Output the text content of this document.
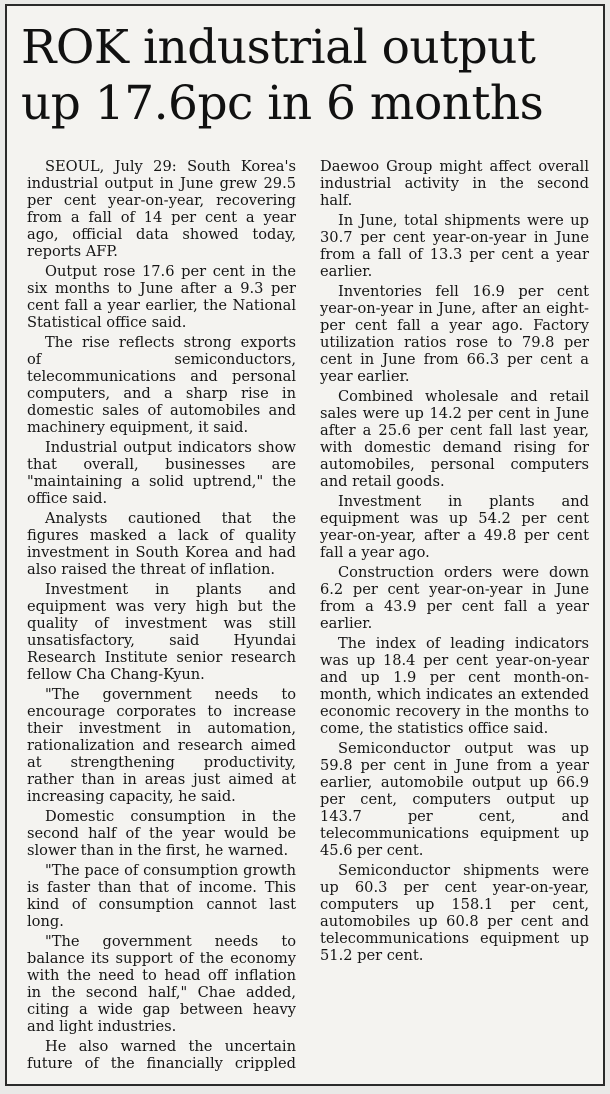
ROK industrial output
up 17.6pc in 6 months

SEOUL, July 29: South Korea's industrial output in June grew 29.5 per cent year-on-year, recovering from a fall of 14 per cent a year ago, official data showed today, reports AFP.

Output rose 17.6 per cent in the six months to June after a 9.3 per cent fall a year earlier, the National Statistical office said.

The rise reflects strong exports of semiconductors, telecommunications and personal computers, and a sharp rise in domestic sales of automobiles and machinery equipment, it said.

Industrial output indicators show that overall, businesses are "maintaining a solid uptrend," the office said.

Analysts cautioned that the figures masked a lack of quality investment in South Korea and had also raised the threat of inflation.

Investment in plants and equipment was very high but the quality of investment was still unsatisfactory, said Hyundai Research Institute senior research fellow Cha Chang-Kyun.

"The government needs to encourage corporates to increase their investment in automation, rationalization and research aimed at strengthening productivity, rather than in areas just aimed at increasing capacity, he said.

Domestic consumption in the second half of the year would be slower than in the first, he warned.

"The pace of consumption growth is faster than that of income. This kind of consumption cannot last long.

"The government needs to balance its support of the economy with the need to head off inflation in the second half," Chae added, citing a wide gap between heavy and light industries.

He also warned the uncertain future of the financially crippled Daewoo Group might affect overall industrial activity in the second half.

In June, total shipments were up 30.7 per cent year-on-year in June from a fall of 13.3 per cent a year earlier.

Inventories fell 16.9 per cent year-on-year in June, after an eight-per cent fall a year ago. Factory utilization ratios rose to 79.8 per cent in June from 66.3 per cent a year earlier.

Combined wholesale and retail sales were up 14.2 per cent in June after a 25.6 per cent fall last year, with domestic demand rising for automobiles, personal computers and retail goods.

Investment in plants and equipment was up 54.2 per cent year-on-year, after a 49.8 per cent fall a year ago.

Construction orders were down 6.2 per cent year-on-year in June from a 43.9 per cent fall a year earlier.

The index of leading indicators was up 18.4 per cent year-on-year and up 1.9 per cent month-on-month, which indicates an extended economic recovery in the months to come, the statistics office said.

Semiconductor output was up 59.8 per cent in June from a year earlier, automobile output up 66.9 per cent, computers output up 143.7 per cent, and telecommunications equipment up 45.6 per cent.

Semiconductor shipments were up 60.3 per cent year-on-year, computers up 158.1 per cent, automobiles up 60.8 per cent and telecommunications equipment up 51.2 per cent.
